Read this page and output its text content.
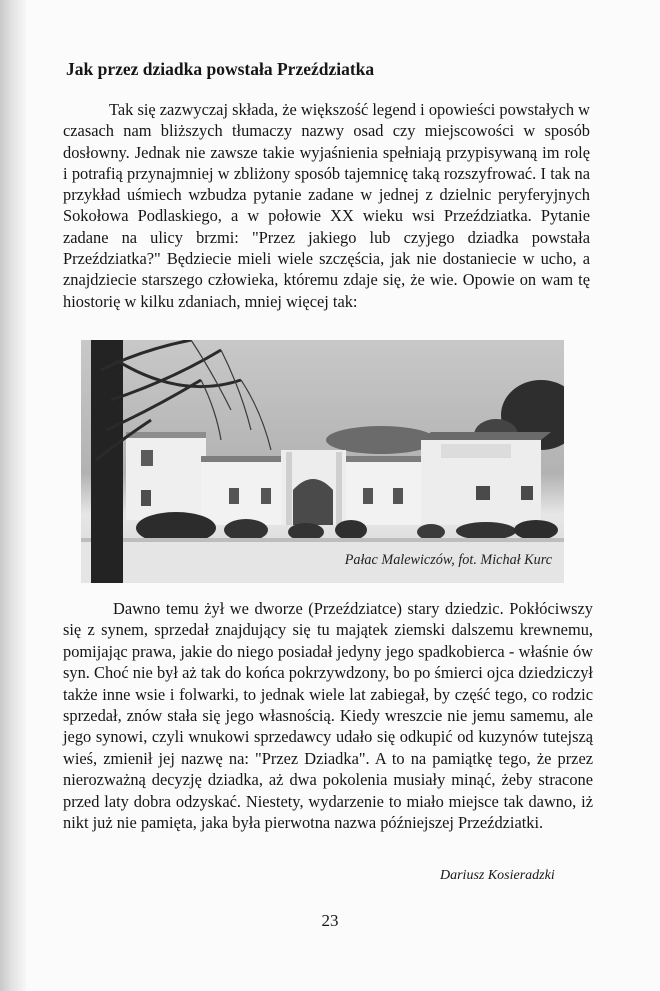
Jak przez dziadka powstała Przeździatka

Tak się zazwyczaj składa, że większość legend i opowieści powstałych w czasach nam bliższych tłumaczy nazwy osad czy miejscowości w sposób dosłowny. Jednak nie zawsze takie wyjaśnienia spełniają przypisywaną im rolę i potrafią przynajmniej w zbliżony sposób tajemnicę taką rozszyfrować. I tak na przykład uśmiech wzbudza pytanie zadane w jednej z dzielnic peryferyjnych Sokołowa Podlaskiego, a w połowie XX wieku wsi Przeździatka. Pytanie zadane na ulicy brzmi: "Przez jakiego lub czyjego dziadka powstała Przeździatka?" Będziecie mieli wiele szczęścia, jak nie dostaniecie w ucho, a znajdziecie starszego człowieka, któremu zdaje się, że wie. Opowie on wam tę hiostorię w kilku zdaniach, mniej więcej tak:

Pałac Malewiczów, fot. Michał Kurc

Dawno temu żył we dworze (Przeździatce) stary dziedzic. Pokłóciwszy się z synem, sprzedał znajdujący się tu majątek ziemski dalszemu krewnemu, pomijając prawa, jakie do niego posiadał jedyny jego spadkobierca - właśnie ów syn. Choć nie był aż tak do końca pokrzywdzony, bo po śmierci ojca dziedziczył także inne wsie i folwarki, to jednak wiele lat zabiegał, by część tego, co rodzic sprzedał, znów stała się jego własnością. Kiedy wreszcie nie jemu samemu, ale jego synowi, czyli wnukowi sprzedawcy udało się odkupić od kuzynów tutejszą wieś, zmienił jej nazwę na: "Przez Dziadka". A to na pamiątkę tego, że przez nierozważną decyzję dziadka, aż dwa pokolenia musiały minąć, żeby stracone przed laty dobra odzyskać. Niestety, wydarzenie to miało miejsce tak dawno, iż nikt już nie pamięta, jaka była pierwotna nazwa późniejszej Przeździatki.

Dariusz Kosieradzki
23
